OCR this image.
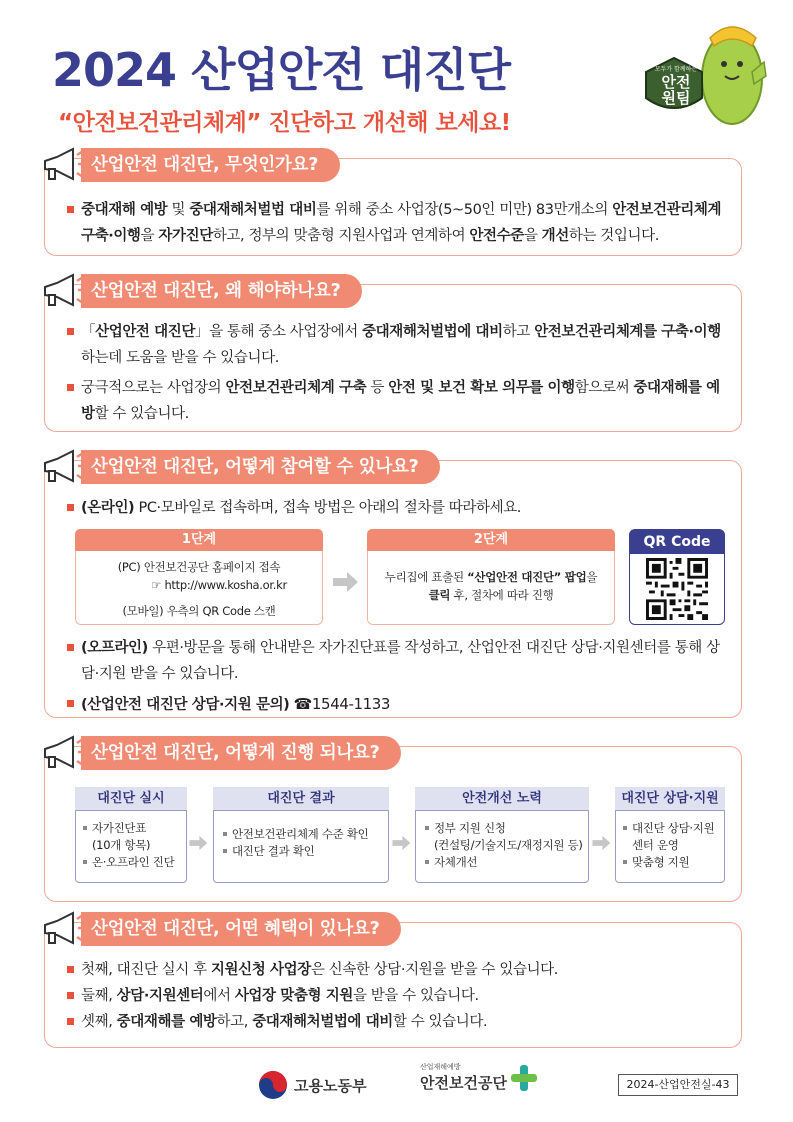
2024 산업안전 대진단
“안전보건관리체계” 진단하고 개선해 보세요!
모두가 함께하는
안전 원팀
산업안전 대진단, 무엇인가요?
중대재해 예방 및 중대재해처벌법 대비를 위해 중소 사업장(5~50인 미만) 83만개소의 안전보건관리체계 구축·이행을 자가진단하고, 정부의 맞춤형 지원사업과 연계하여 안전수준을 개선하는 것입니다.
산업안전 대진단, 왜 해야하나요?
「산업안전 대진단」을 통해 중소 사업장에서 중대재해처벌법에 대비하고 안전보건관리체계를 구축·이행하는데 도움을 받을 수 있습니다.
궁극적으로는 사업장의 안전보건관리체계 구축 등 안전 및 보건 확보 의무를 이행함으로써 중대재해를 예방할 수 있습니다.
산업안전 대진단, 어떻게 참여할 수 있나요?
(온라인) PC·모바일로 접속하며, 접속 방법은 아래의 절차를 따라하세요.
1단계
(PC) 안전보건공단 홈페이지 접속
☞ http://www.kosha.or.kr
(모바일) 우측의 QR Code 스캔
2단계
누리집에 표출된 “산업안전 대진단” 팝업을
클릭 후, 절차에 따라 진행
QR Code
(오프라인) 우편·방문을 통해 안내받은 자가진단표를 작성하고, 산업안전 대진단 상담·지원센터를 통해 상담·지원 받을 수 있습니다.
(산업안전 대진단 상담·지원 문의) ☎1544-1133
산업안전 대진단, 어떻게 진행 되나요?
대진단 실시
자가진단표
(10개 항목)
온·오프라인 진단
대진단 결과
안전보건관리체계 수준 확인
대진단 결과 확인
안전개선 노력
정부 지원 신청
(컨설팅/기술지도/재정지원 등)
자체개선
대진단 상담·지원
대진단 상담·지원
센터 운영
맞춤형 지원
산업안전 대진단, 어떤 혜택이 있나요?
첫째, 대진단 실시 후 지원신청 사업장은 신속한 상담·지원을 받을 수 있습니다.
둘째, 상담·지원센터에서 사업장 맞춤형 지원을 받을 수 있습니다.
셋째, 중대재해를 예방하고, 중대재해처벌법에 대비할 수 있습니다.
고용노동부
산업재해예방
안전보건공단	2024-산업안전실-43
